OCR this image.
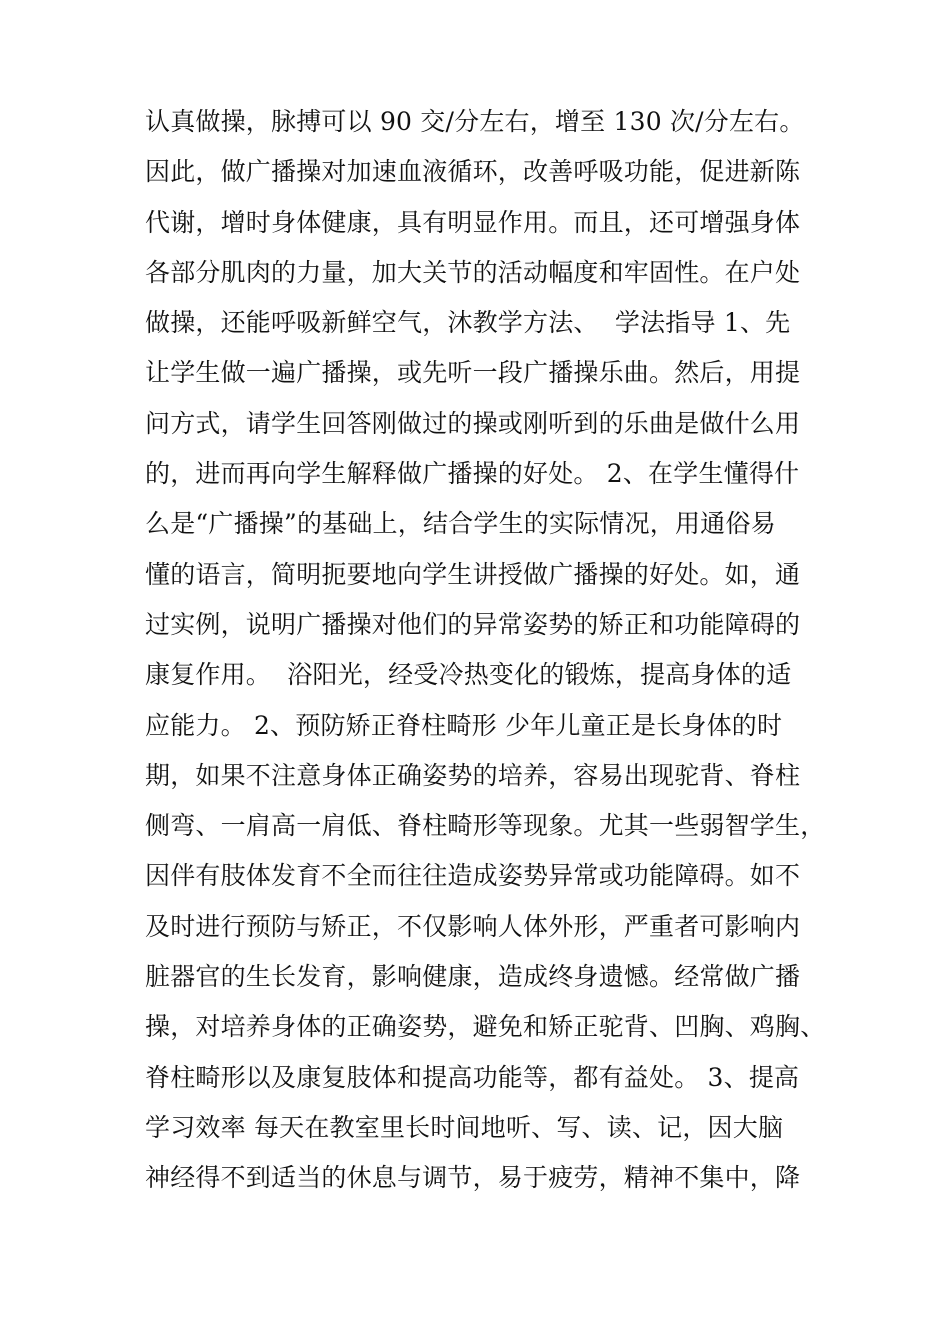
认真做操，脉搏可以 90 交/分左右，增至 130 次/分左右。
因此，做广播操对加速血液循环，改善呼吸功能，促进新陈
代谢，增时身体健康，具有明显作用。而且，还可增强身体
各部分肌肉的力量，加大关节的活动幅度和牢固性。在户处
做操，还能呼吸新鲜空气，沐教学方法、  学法指导 1、先
让学生做一遍广播操，或先听一段广播操乐曲。然后，用提
问方式，请学生回答刚做过的操或刚听到的乐曲是做什么用
的，进而再向学生解释做广播操的好处。 2、在学生懂得什
么是“广播操”的基础上，结合学生的实际情况，用通俗易
懂的语言，简明扼要地向学生讲授做广播操的好处。如，通
过实例，说明广播操对他们的异常姿势的矫正和功能障碍的
康复作用。  浴阳光，经受冷热变化的锻炼，提高身体的适
应能力。 2、预防矫正脊柱畸形 少年儿童正是长身体的时
期，如果不注意身体正确姿势的培养，容易出现驼背、脊柱
侧弯、一肩高一肩低、脊柱畸形等现象。尤其一些弱智学生，
因伴有肢体发育不全而往往造成姿势异常或功能障碍。如不
及时进行预防与矫正，不仅影响人体外形，严重者可影响内
脏器官的生长发育，影响健康，造成终身遗憾。经常做广播
操，对培养身体的正确姿势，避免和矫正驼背、凹胸、鸡胸、
脊柱畸形以及康复肢体和提高功能等，都有益处。 3、提高
学习效率 每天在教室里长时间地听、写、读、记，因大脑
神经得不到适当的休息与调节，易于疲劳，精神不集中，降
